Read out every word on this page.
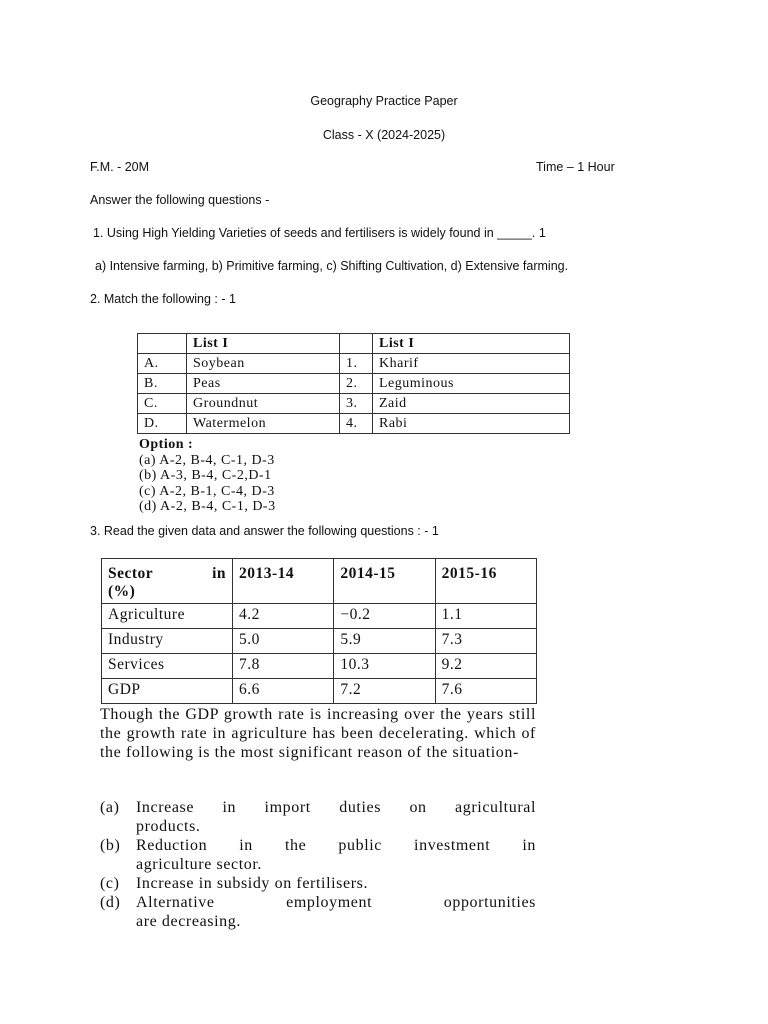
Geography Practice Paper
Class - X (2024-2025)
F.M. - 20M	Time – 1 Hour
Answer the following questions -
1. Using High Yielding Varieties of seeds and fertilisers is widely found in _____. 1
a) Intensive farming, b) Primitive farming, c) Shifting Cultivation, d) Extensive farming.
2. Match the following : - 1
	List I		List I
A.	Soybean	1.	Kharif
B.	Peas	2.	Leguminous
C.	Groundnut	3.	Zaid
D.	Watermelon	4.	Rabi
Option :
(a) A-2, B-4, C-1, D-3
(b) A-3, B-4, C-2,D-1
(c) A-2, B-1, C-4, D-3
(d) A-2, B-4, C-1, D-3
3. Read the given data and answer the following questions : - 1
Sector in
(%)	2013-14	2014-15	2015-16
Agriculture	4.2	−0.2	1.1
Industry	5.0	5.9	7.3
Services	7.8	10.3	9.2
GDP	6.6	7.2	7.6
Though the GDP growth rate is increasing over the years still the growth rate in agriculture has been decelerating. which of the following is the most significant reason of the situation-
(a)	Increase in import duties on agricultural
products.
(b) Reduction in the public investment in
agriculture sector.
(c)	Increase in subsidy on fertilisers.
(d) Alternative employment opportunities
are decreasing.
